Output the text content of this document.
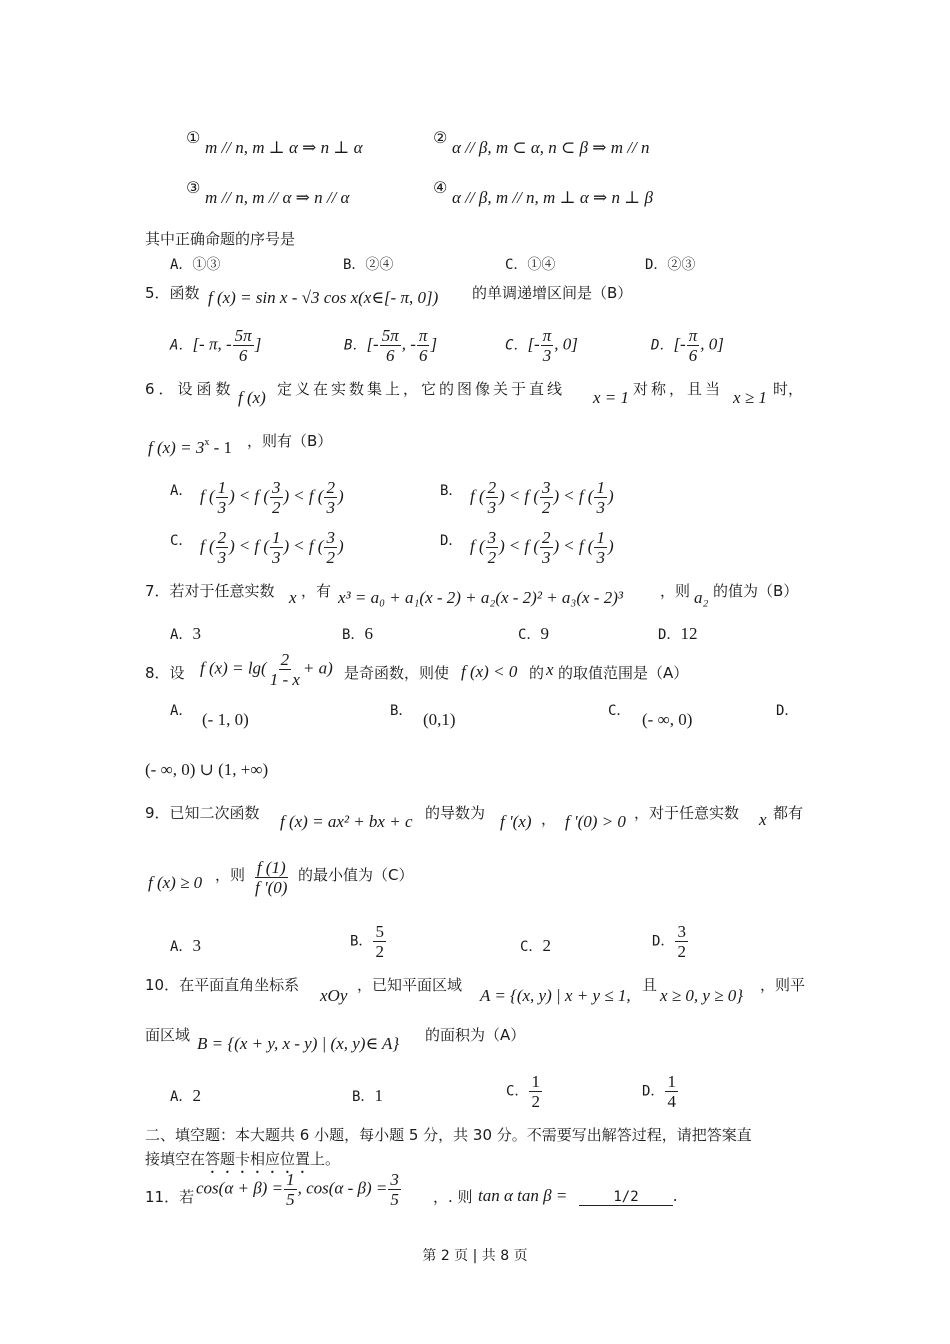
①
m // n, m ⊥ α ⇒ n ⊥ α
②
α // β, m ⊂ α, n ⊂ β ⇒ m // n
③
m // n, m // α ⇒ n // α
④
α // β, m // n, m ⊥ α ⇒ n ⊥ β
其中正确命题的序号是
A．①③	B．②④	C．①④	D．②③
5．函数 f (x) = sin x - √3 cos x(x∈[- π, 0]) 的单调递增区间是（B）
A．[- π, - $\frac{5\pi}{6}$ ]	B．[- $\frac{5\pi}{6}$ , - $\frac{\pi}{6}$ ]	C．[- $\frac{\pi}{3}$ , 0]	D．[- $\frac{\pi}{6}$ , 0]
6．设函数 f (x) 定义在实数集上，它的图像关于直线 x = 1 对称，且当 x ≥ 1 时，
f $(x) = 3^x - 1$ ，则有（B）
A． f ( $\frac{1}{3}$ ) < f ( $\frac{3}{2}$ ) < f ( $\frac{2}{3}$ )	B． f ( $\frac{2}{3}$ ) < f ( $\frac{3}{2}$ ) < f ( $\frac{1}{3}$ )
C． f ( $\frac{2}{3}$ ) < f ( $\frac{1}{3}$ ) < f ( $\frac{3}{2}$ )	D． f ( $\frac{3}{2}$ ) < f ( $\frac{2}{3}$ ) < f ( $\frac{1}{3}$ )
7．若对于任意实数 x ，有 x³ = a₀ + a₁(x - 2) + a₂(x - 2)² + a₃(x - 2)³ ，则 a₂ 的值为（B）
A．3	B．6	C．9	D．12
8．设 f $(x) = \lg( \frac{2}{1 - x} + a)$ 是奇函数，则使 f (x) < 0 的 x 的取值范围是（A）
A． (- 1, 0)	B． (0,1)	C． (- ∞, 0)	D．
(- ∞, 0) ∪ (1, +∞)
9．已知二次函数 f (x) = ax² + bx + c 的导数为 f '(x) ， f '(0) > 0 ，对于任意实数 x 都有
f (x) ≥ 0 ，则 $\frac{f (1)}{f '(0)}$ 的最小值为（C）
A．3	B． $\frac{5}{2}$	C．2	D． $\frac{3}{2}$
10．在平面直角坐标系
xOy
，已知平面区域
A = {(x, y) | x + y ≤ 1,
且
x ≥ 0, y ≥ 0}
，则平
面区域 B = {(x + y, x - y) | (x, y)∈ A} 的面积为（A）
A．2	B．1	C． $\frac{1}{2}$	D． $\frac{1}{4}$
二、填空题：本大题共 6 小题，每小题 5 分，共 30 分。不需要写出解答过程，请把答案直
接填空在答题卡相应位置上。
11．若 $\cos(\alpha + \beta) = \frac{1}{5}$ , $\cos(\alpha - \beta) = \frac{3}{5}$ ，. 则 tan α tan β =	1/2 .
第 2 页 | 共 8 页
